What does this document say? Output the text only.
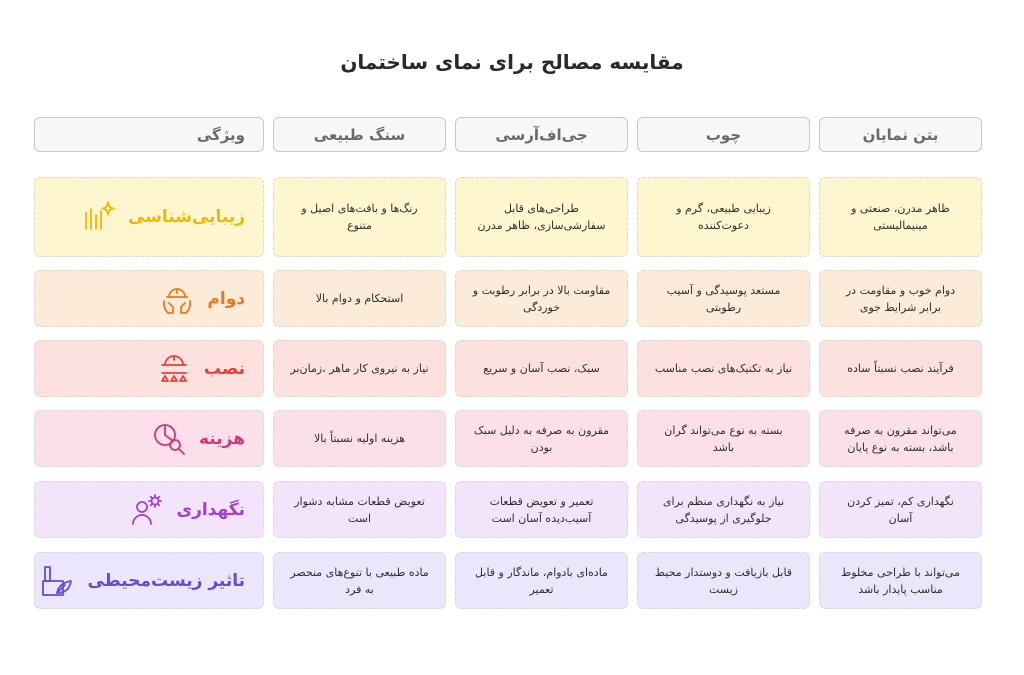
مقایسه مصالح برای نمای ساختمان
بتن نمایان
چوب
جی‌اف‌آرسی
سنگ طبیعی
ویژگی
ظاهر مدرن، صنعتی و مینیمالیستی
زیبایی طبیعی، گرم و دعوت‌کننده
طراحی‌های قابل سفارشی‌سازی، ظاهر مدرن
رنگ‌ها و بافت‌های اصیل و متنوع
زیبایی‌شناسی
دوام خوب و مقاومت در برابر شرایط جوی
مستعد پوسیدگی و آسیب رطوبتی
مقاومت بالا در برابر رطوبت و خوردگی
استحکام و دوام بالا
دوام
فرآیند نصب نسبتاً ساده
نیاز به تکنیک‌های نصب مناسب
سبک، نصب آسان و سریع
نیاز به نیروی کار ماهر ،زمان‌بر
نصب
می‌تواند مقرون به صرفه باشد، بسته به نوع پایان
بسته به نوع می‌تواند گران باشد
مقرون به صرفه به دلیل سبک بودن
هزینه اولیه نسبتاً بالا
هزینه
نگهداری کم، تمیز کردن آسان
نیاز به نگهداری منظم برای جلوگیری از پوسیدگی
تعمیر و تعویض قطعات آسیب‌دیده آسان است
تعویض قطعات مشابه دشوار است
نگهداری
می‌تواند با طراحی مخلوط مناسب پایدار باشد
قابل بازیافت و دوستدار محیط زیست
ماده‌ای بادوام، ماندگار و قابل تعمیر
ماده طبیعی با تنوع‌های منحصر به فرد
تاثیر زیست‌محیطی
